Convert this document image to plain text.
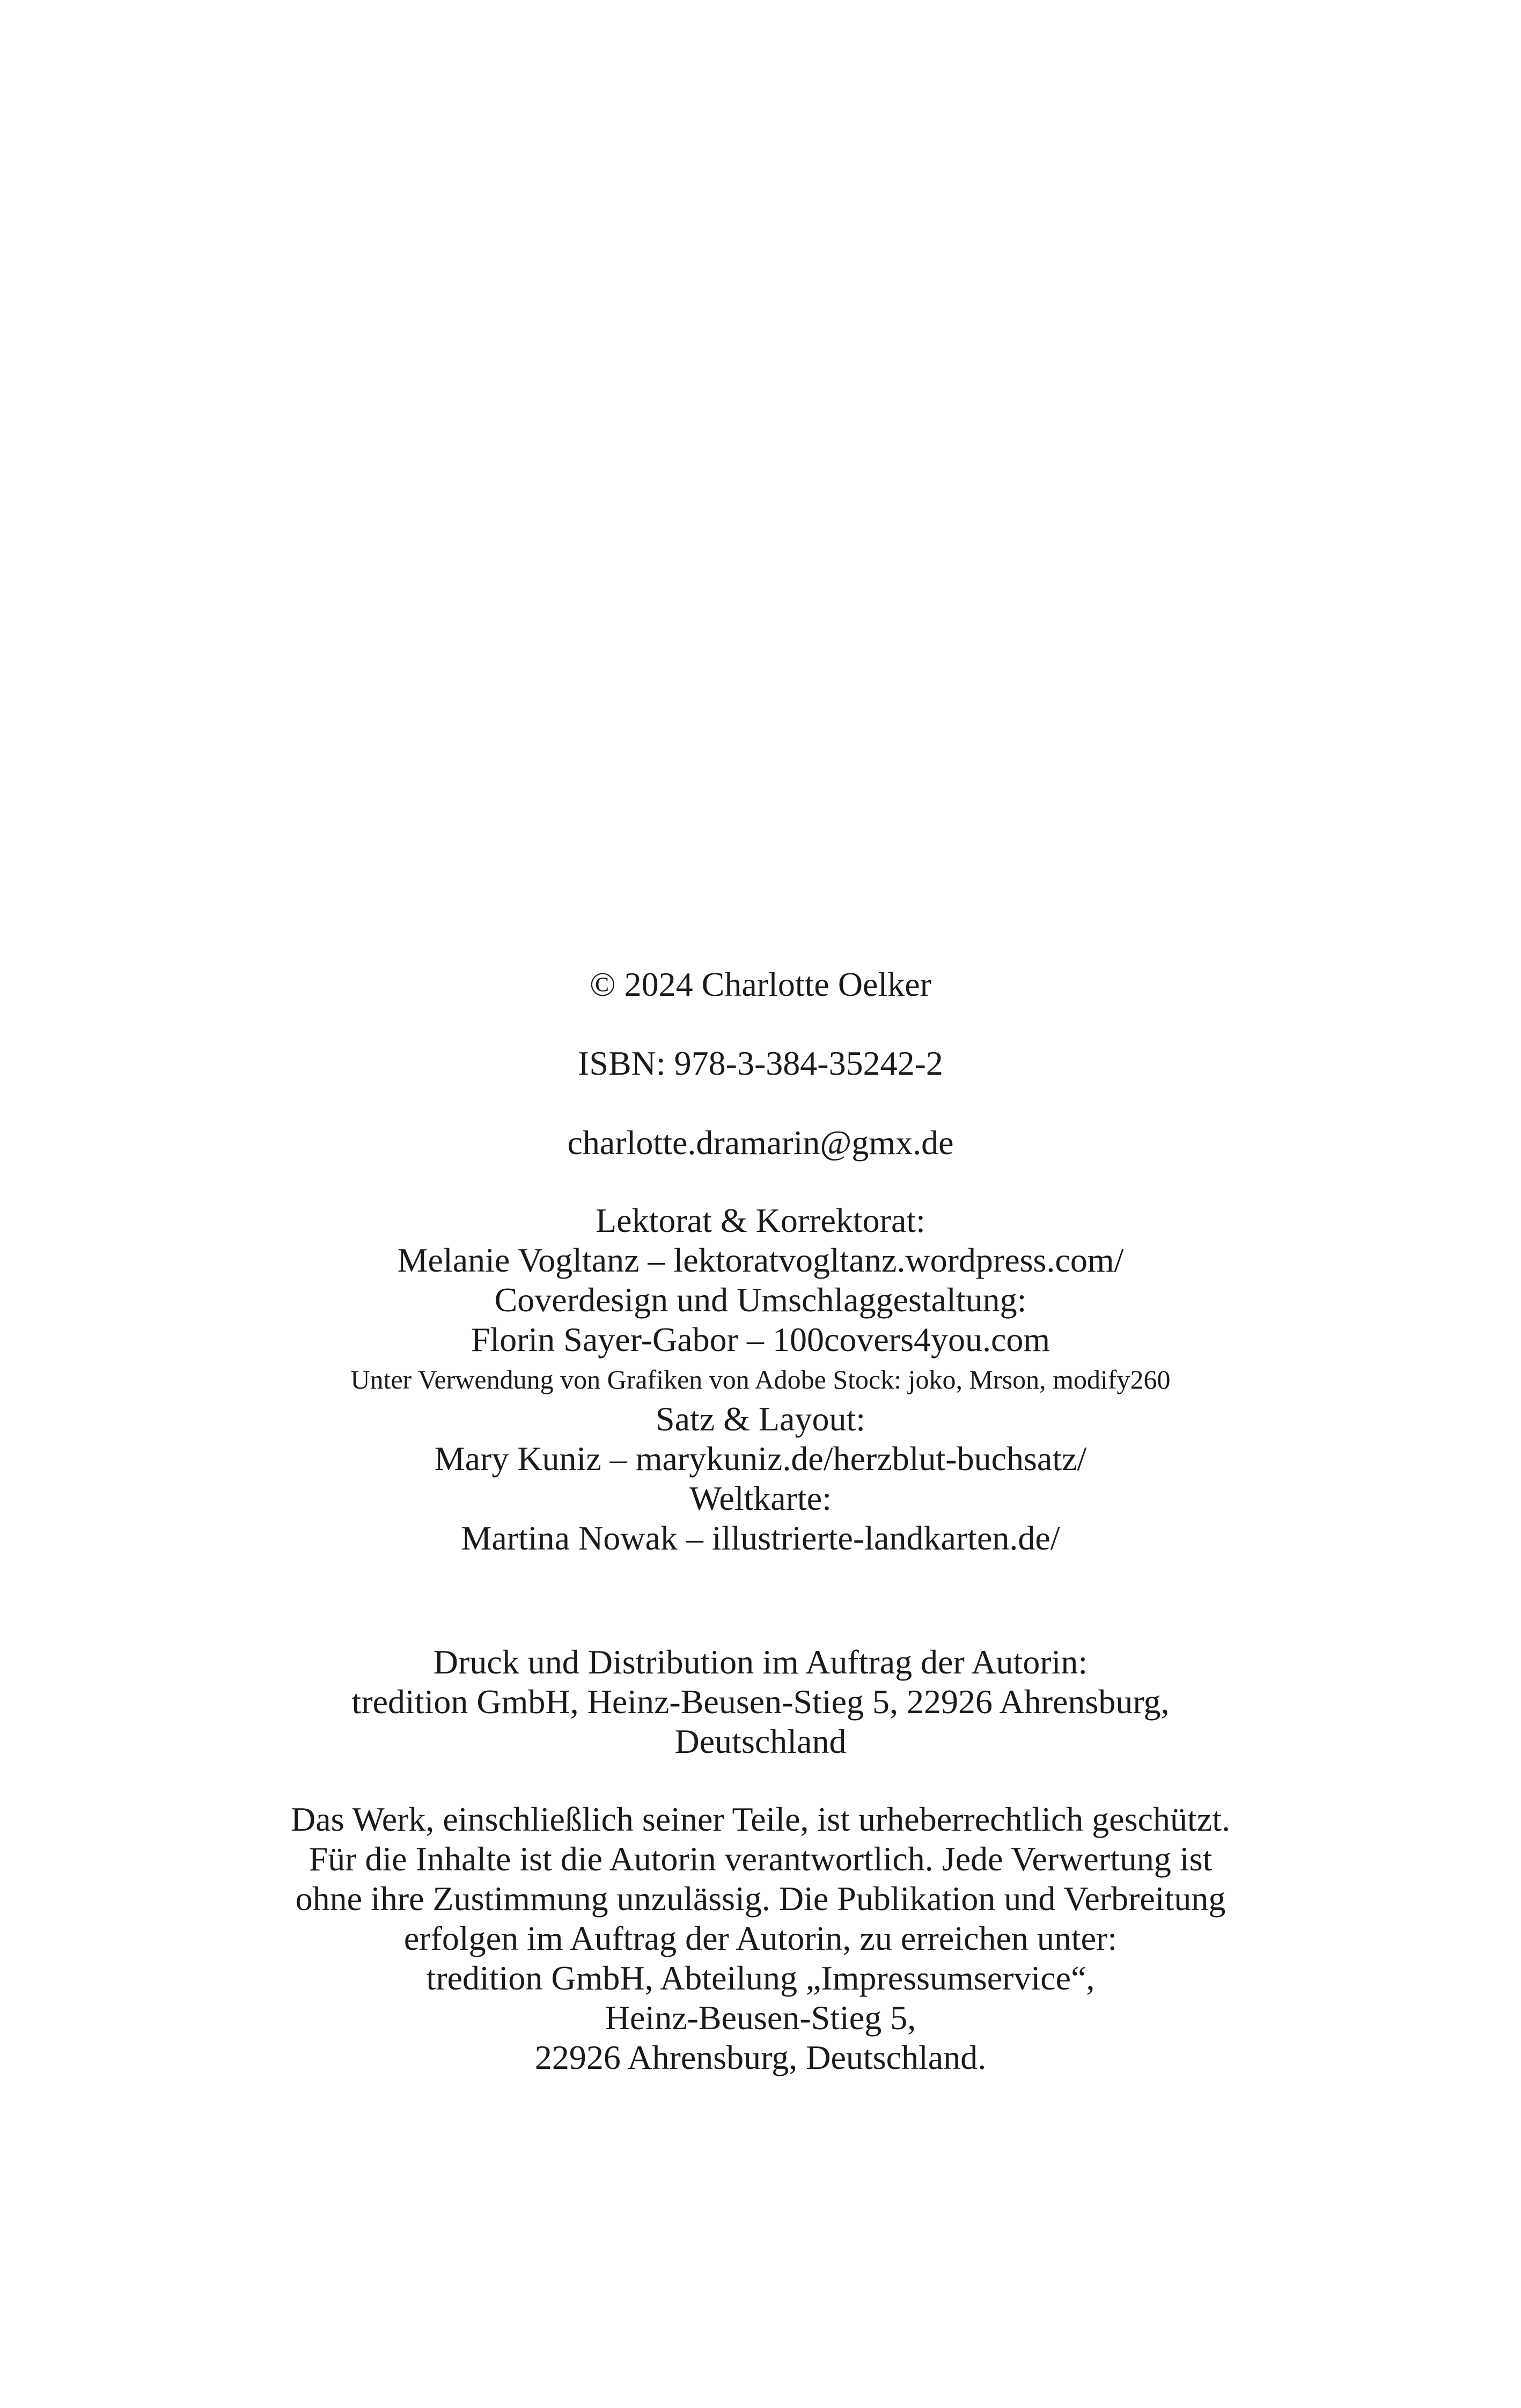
© 2024 Charlotte Oelker
ISBN: 978-3-384-35242-2
charlotte.dramarin@gmx.de
Lektorat & Korrektorat:
Melanie Vogltanz – lektoratvogltanz.wordpress.com/
Coverdesign und Umschlaggestaltung:
Florin Sayer-Gabor – 100covers4you.com
Unter Verwendung von Grafiken von Adobe Stock: joko, Mrson, modify260
Satz & Layout:
Mary Kuniz – marykuniz.de/herzblut-buchsatz/
Weltkarte:
Martina Nowak – illustrierte-landkarten.de/
Druck und Distribution im Auftrag der Autorin:
tredition GmbH, Heinz-Beusen-Stieg 5, 22926 Ahrensburg,
Deutschland
Das Werk, einschließlich seiner Teile, ist urheberrechtlich geschützt.
Für die Inhalte ist die Autorin verantwortlich. Jede Verwertung ist
ohne ihre Zustimmung unzulässig. Die Publikation und Verbreitung
erfolgen im Auftrag der Autorin, zu erreichen unter:
tredition GmbH, Abteilung „Impressumservice“,
Heinz-Beusen-Stieg 5,
22926 Ahrensburg, Deutschland.
